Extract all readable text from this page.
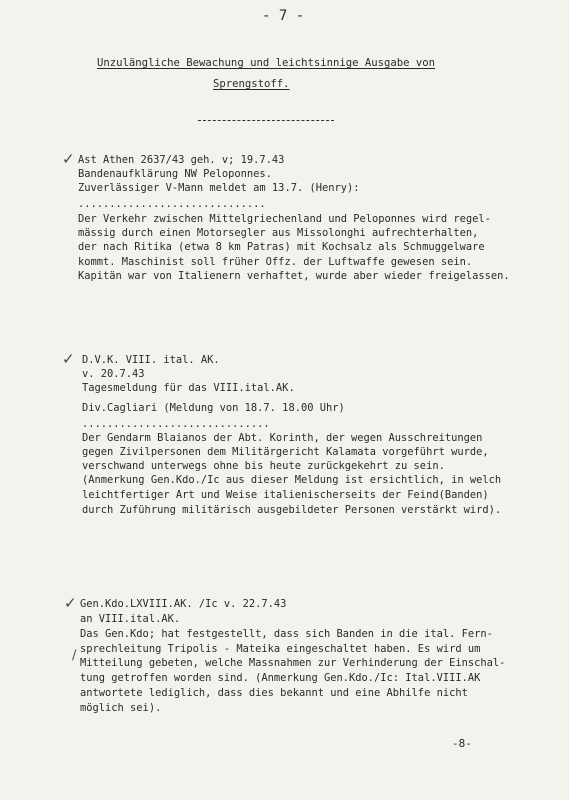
- 7 -
Unzulängliche Bewachung und leichtsinnige Ausgabe von
Sprengstoff.
✓ Ast Athen 2637/43 geh. v; 19.7.43
Bandenaufklärung NW Peloponnes.
Zuverlässiger V-Mann meldet am 13.7. (Henry):
..............................
Der Verkehr zwischen Mittelgriechenland und Peloponnes wird regel-
mässig durch einen Motorsegler aus Missolonghi aufrechterhalten,
der nach Ritika (etwa 8 km Patras) mit Kochsalz als Schmuggelware
kommt. Maschinist soll früher Offz. der Luftwaffe gewesen sein.
Kapitän war von Italienern verhaftet, wurde aber wieder freigelassen.
✓ D.V.K. VIII. ital. AK.
v. 20.7.43
Tagesmeldung für das VIII.ital.AK.
Div.Cagliari (Meldung von 18.7. 18.00 Uhr)
..............................
Der Gendarm Blaianos der Abt. Korinth, der wegen Ausschreitungen
gegen Zivilpersonen dem Militärgericht Kalamata vorgeführt wurde,
verschwand unterwegs ohne bis heute zurückgekehrt zu sein.
(Anmerkung Gen.Kdo./Ic aus dieser Meldung ist ersichtlich, in welch
leichtfertiger Art und Weise italienischerseits der Feind(Banden)
durch Zuführung militärisch ausgebildeter Personen verstärkt wird).
✓
/
Gen.Kdo.LXVIII.AK. /Ic v. 22.7.43
an VIII.ital.AK.
Das Gen.Kdo; hat festgestellt, dass sich Banden in die ital. Fern-
sprechleitung Tripolis - Mateika eingeschaltet haben. Es wird um
Mitteilung gebeten, welche Massnahmen zur Verhinderung der Einschal-
tung getroffen worden sind. (Anmerkung Gen.Kdo./Ic: Ital.VIII.AK
antwortete lediglich, dass dies bekannt und eine Abhilfe nicht
möglich sei).
-8-
